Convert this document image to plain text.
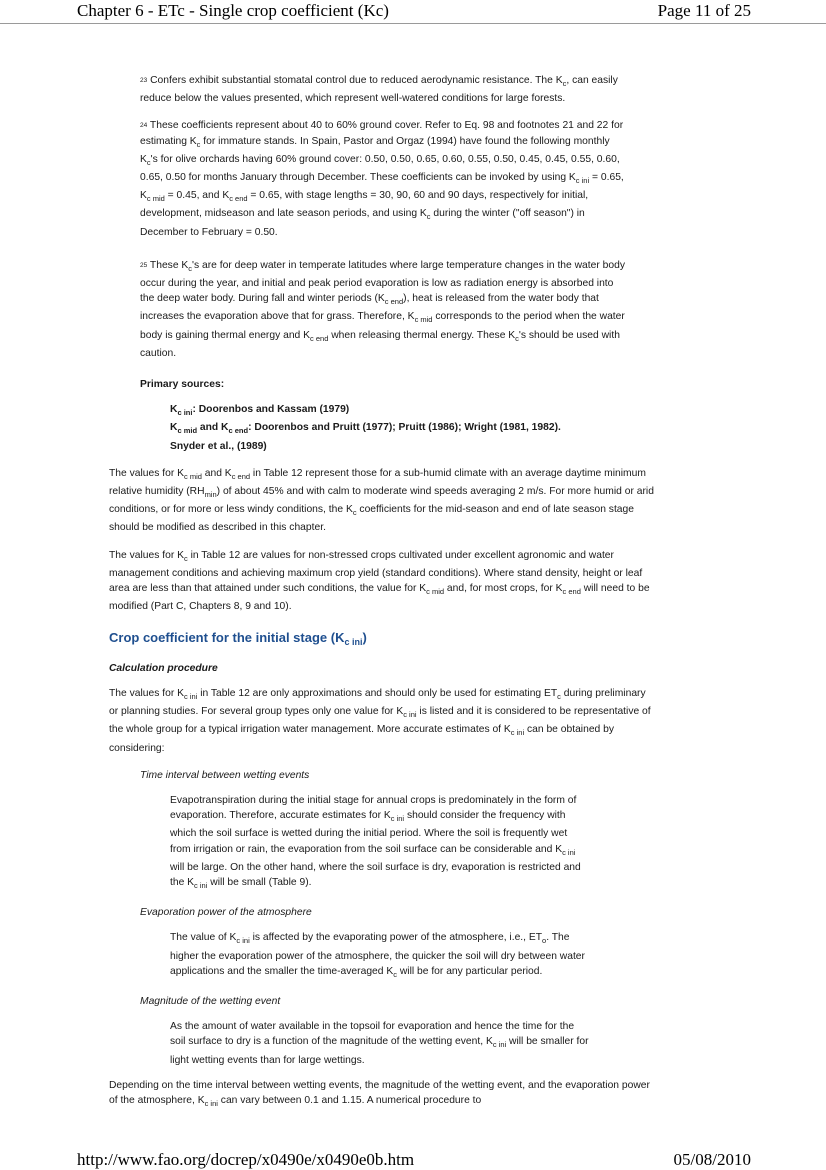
Chapter 6 - ETc - Single crop coefficient (Kc)	Page 11 of 25
$^{23}$ Confers exhibit substantial stomatal control due to reduced aerodynamic resistance. The $K_c$, can easily reduce below the values presented, which represent well-watered conditions for large forests.
$^{24}$ These coefficients represent about 40 to 60% ground cover. Refer to Eq. 98 and footnotes 21 and 22 for estimating $K_c$ for immature stands. In Spain, Pastor and Orgaz (1994) have found the following monthly $K_c's$ for olive orchards having 60% ground cover: 0.50, 0.50, 0.65, 0.60, 0.55, 0.50, 0.45, 0.45, 0.55, 0.60, 0.65, 0.50 for months January through December. These coefficients can be invoked by using $K_{c ini} = 0.65$, $K_{c mid} = 0.45$, and $K_{c end} = 0.65$, with stage lengths = 30, 90, 60 and 90 days, respectively for initial, development, midseason and late season periods, and using $K_c$ during the winter ("off season") in December to February = 0.50.
$^{25}$ These $K_c's$ are for deep water in temperate latitudes where large temperature changes in the water body occur during the year, and initial and peak period evaporation is low as radiation energy is absorbed into the deep water body. During fall and winter periods $(K_{c end})$, heat is released from the water body that increases the evaporation above that for grass. Therefore, $K_{c mid}$ corresponds to the period when the water body is gaining thermal energy and $K_{c end}$ when releasing thermal energy. These $K_c's$ should be used with caution.
Primary sources:
$K_{c ini}$: Doorenbos and Kassam (1979)
$K_{c mid}$ and $K_{c end}$: Doorenbos and Pruitt (1977); Pruitt (1986); Wright (1981, 1982). Snyder et al., (1989)

The values for $K_{c mid}$ and $K_{c end}$ in Table 12 represent those for a sub-humid climate with an average daytime minimum relative humidity $(RH_{min})$ of about 45% and with calm to moderate wind speeds averaging 2 m/s. For more humid or arid conditions, or for more or less windy conditions, the $K_c$ coefficients for the mid-season and end of late season stage should be modified as described in this chapter.

The values for $K_c$ in Table 12 are values for non-stressed crops cultivated under excellent agronomic and water management conditions and achieving maximum crop yield (standard conditions). Where stand density, height or leaf area are less than that attained under such conditions, the value for $K_{c mid}$ and, for most crops, for $K_{c end}$ will need to be modified (Part C, Chapters 8, 9 and 10).

Crop coefficient for the initial stage $(K_{c ini})$
Calculation procedure

The values for $K_{c ini}$ in Table 12 are only approximations and should only be used for estimating $ET_c$ during preliminary or planning studies. For several group types only one value for $K_{c ini}$ is listed and it is considered to be representative of the whole group for a typical irrigation water management. More accurate estimates of $K_{c ini}$ can be obtained by considering:

Time interval between wetting events
Evapotranspiration during the initial stage for annual crops is predominately in the form of evaporation. Therefore, accurate estimates for $K_{c ini}$ should consider the frequency with which the soil surface is wetted during the initial period. Where the soil is frequently wet from irrigation or rain, the evaporation from the soil surface can be considerable and $K_{c ini}$ will be large. On the other hand, where the soil surface is dry, evaporation is restricted and the $K_{c ini}$ will be small (Table 9).
Evaporation power of the atmosphere
The value of $K_{c ini}$ is affected by the evaporating power of the atmosphere, i.e., $ET_o$. The higher the evaporation power of the atmosphere, the quicker the soil will dry between water applications and the smaller the time-averaged $K_c$ will be for any particular period.
Magnitude of the wetting event
As the amount of water available in the topsoil for evaporation and hence the time for the soil surface to dry is a function of the magnitude of the wetting event, $K_{c ini}$ will be smaller for light wetting events than for large wettings.

Depending on the time interval between wetting events, the magnitude of the wetting event, and the evaporation power of the atmosphere, $K_{c ini}$ can vary between 0.1 and 1.15. A numerical procedure to

http://www.fao.org/docrep/x0490e/x0490e0b.htm	05/08/2010
